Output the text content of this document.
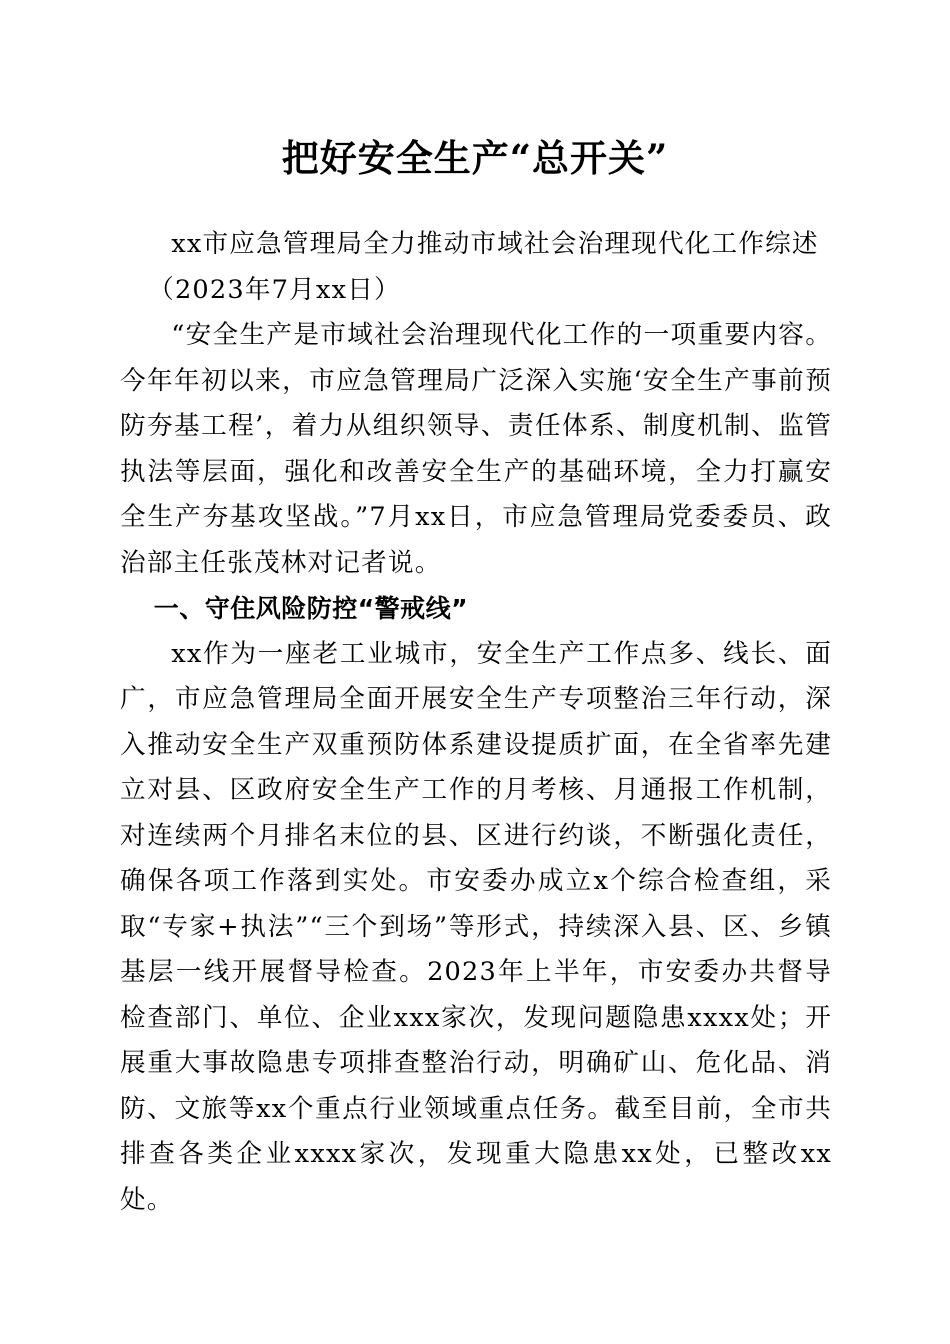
把好安全生产“总开关”

xx市应急管理局全力推动市域社会治理现代化工作综述

（2023年7月xx日）

“安全生产是市域社会治理现代化工作的一项重要内容。今年年初以来，市应急管理局广泛深入实施‘安全生产事前预防夯基工程’，着力从组织领导、责任体系、制度机制、监管执法等层面，强化和改善安全生产的基础环境，全力打赢安全生产夯基攻坚战。”7月xx日，市应急管理局党委委员、政治部主任张茂林对记者说。

一、守住风险防控“警戒线”

xx作为一座老工业城市，安全生产工作点多、线长、面广，市应急管理局全面开展安全生产专项整治三年行动，深入推动安全生产双重预防体系建设提质扩面，在全省率先建立对县、区政府安全生产工作的月考核、月通报工作机制，对连续两个月排名末位的县、区进行约谈，不断强化责任，确保各项工作落到实处。市安委办成立x个综合检查组，采取“专家+执法”“三个到场”等形式，持续深入县、区、乡镇基层一线开展督导检查。2023年上半年，市安委办共督导检查部门、单位、企业xxx家次，发现问题隐患xxxx处；开展重大事故隐患专项排查整治行动，明确矿山、危化品、消防、文旅等xx个重点行业领域重点任务。截至目前，全市共排查各类企业xxxx家次，发现重大隐患xx处，已整改xx处。
